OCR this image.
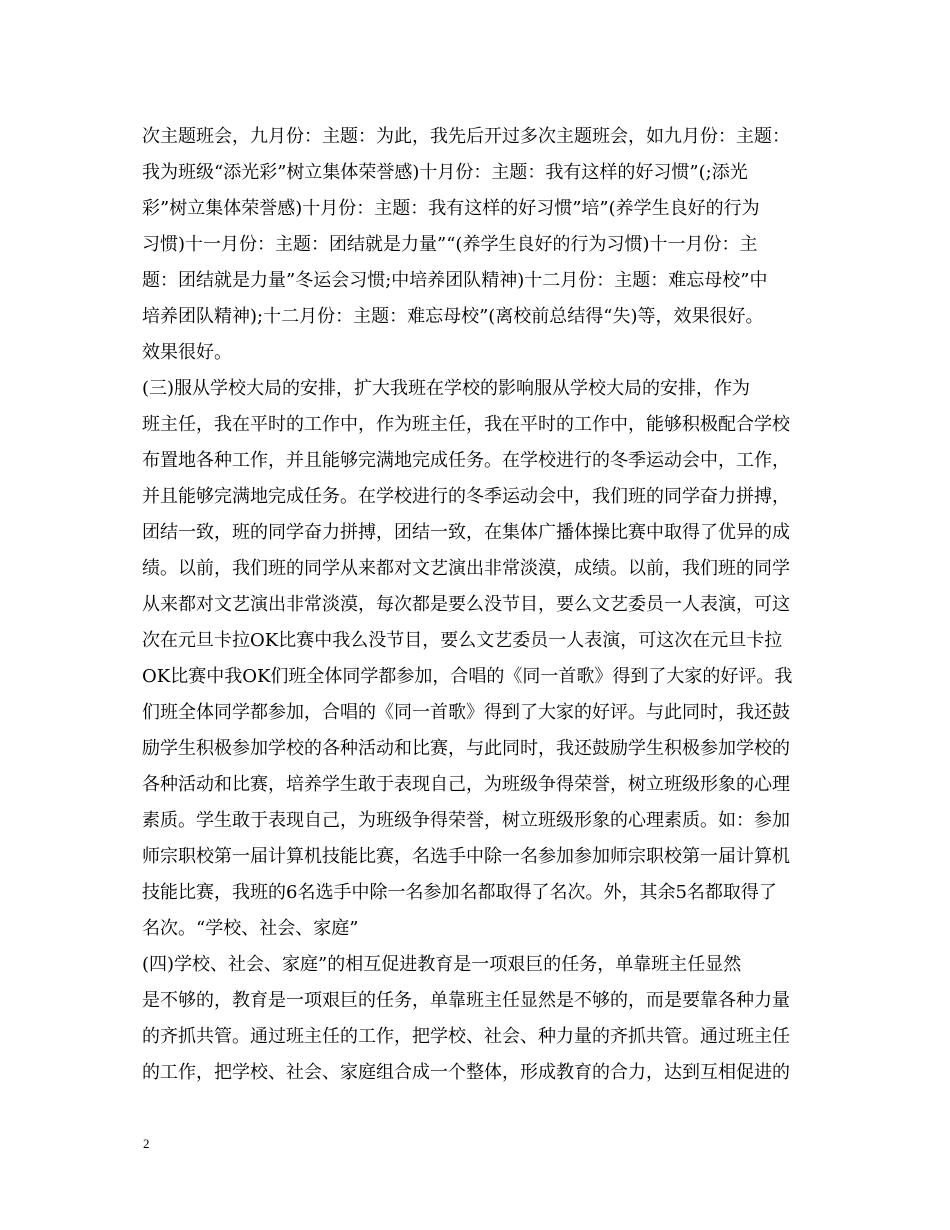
次主题班会，九月份：主题：为此，我先后开过多次主题班会，如九月份：主题：
我为班级“添光彩”树立集体荣誉感)十月份：主题：我有这样的好习惯”(;添光
彩”树立集体荣誉感)十月份：主题：我有这样的好习惯”培”(养学生良好的行为
习惯)十一月份：主题：团结就是力量”“(养学生良好的行为习惯)十一月份：主
题：团结就是力量”冬运会习惯;中培养团队精神)十二月份：主题：难忘母校”中
培养团队精神);十二月份：主题：难忘母校”(离校前总结得“失)等，效果很好。
效果很好。
(三)服从学校大局的安排，扩大我班在学校的影响服从学校大局的安排，作为
班主任，我在平时的工作中，作为班主任，我在平时的工作中，能够积极配合学校
布置地各种工作，并且能够完满地完成任务。在学校进行的冬季运动会中，工作，
并且能够完满地完成任务。在学校进行的冬季运动会中，我们班的同学奋力拼搏，
团结一致，班的同学奋力拼搏，团结一致，在集体广播体操比赛中取得了优异的成
绩。以前，我们班的同学从来都对文艺演出非常淡漠，成绩。以前，我们班的同学
从来都对文艺演出非常淡漠，每次都是要么没节目，要么文艺委员一人表演，可这
次在元旦卡拉OK比赛中我么没节目，要么文艺委员一人表演，可这次在元旦卡拉
OK比赛中我OK们班全体同学都参加，合唱的《同一首歌》得到了大家的好评。我
们班全体同学都参加，合唱的《同一首歌》得到了大家的好评。与此同时，我还鼓
励学生积极参加学校的各种活动和比赛，与此同时，我还鼓励学生积极参加学校的
各种活动和比赛，培养学生敢于表现自己，为班级争得荣誉，树立班级形象的心理
素质。学生敢于表现自己，为班级争得荣誉，树立班级形象的心理素质。如：参加
师宗职校第一届计算机技能比赛，名选手中除一名参加参加师宗职校第一届计算机
技能比赛，我班的6名选手中除一名参加名都取得了名次。外，其余5名都取得了
名次。“学校、社会、家庭”
(四)学校、社会、家庭”的相互促进教育是一项艰巨的任务，单靠班主任显然
是不够的，教育是一项艰巨的任务，单靠班主任显然是不够的，而是要靠各种力量
的齐抓共管。通过班主任的工作，把学校、社会、种力量的齐抓共管。通过班主任
的工作，把学校、社会、家庭组合成一个整体，形成教育的合力，达到互相促进的
2
